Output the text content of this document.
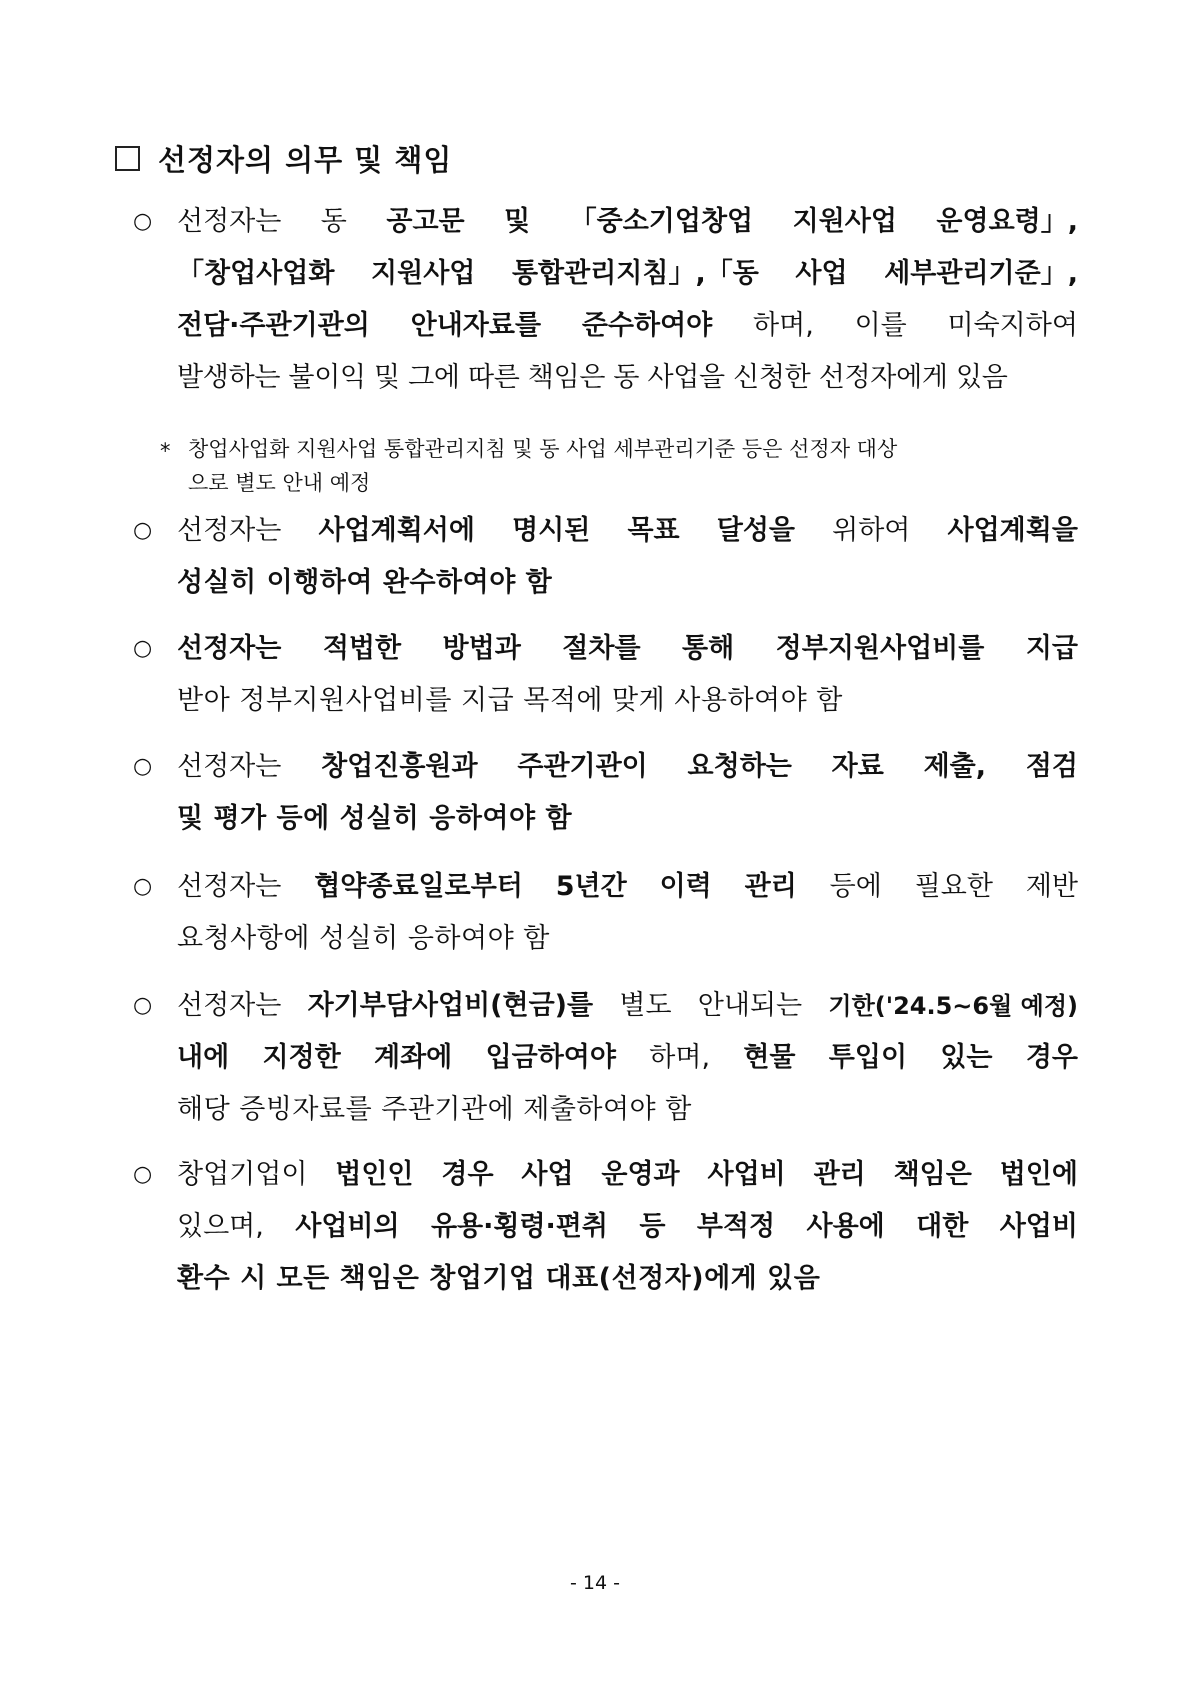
선정자의 의무 및 책임
○ 선정자는 동 공고문 및 「중소기업창업 지원사업 운영요령」,
「창업사업화 지원사업 통합관리지침」,「동 사업 세부관리기준」,
전담·주관기관의 안내자료를 준수하여야 하며, 이를 미숙지하여
발생하는 불이익 및 그에 따른 책임은 동 사업을 신청한 선정자에게 있음
* 창업사업화 지원사업 통합관리지침 및 동 사업 세부관리기준 등은 선정자 대상
으로 별도 안내 예정
○ 선정자는 사업계획서에 명시된 목표 달성을 위하여 사업계획을
성실히 이행하여 완수하여야 함
○ 선정자는 적법한 방법과 절차를 통해 정부지원사업비를 지급
받아 정부지원사업비를 지급 목적에 맞게 사용하여야 함
○ 선정자는 창업진흥원과 주관기관이 요청하는 자료 제출, 점검
및 평가 등에 성실히 응하여야 함
○ 선정자는 협약종료일로부터 5년간 이력 관리 등에 필요한 제반
요청사항에 성실히 응하여야 함
○ 선정자는 자기부담사업비(현금)를 별도 안내되는 기한('24.5~6월 예정)
내에 지정한 계좌에 입금하여야 하며, 현물 투입이 있는 경우
해당 증빙자료를 주관기관에 제출하여야 함
○ 창업기업이 법인인 경우 사업 운영과 사업비 관리 책임은 법인에
있으며, 사업비의 유용·횡령·편취 등 부적정 사용에 대한 사업비
환수 시 모든 책임은 창업기업 대표(선정자)에게 있음
- 14 -
